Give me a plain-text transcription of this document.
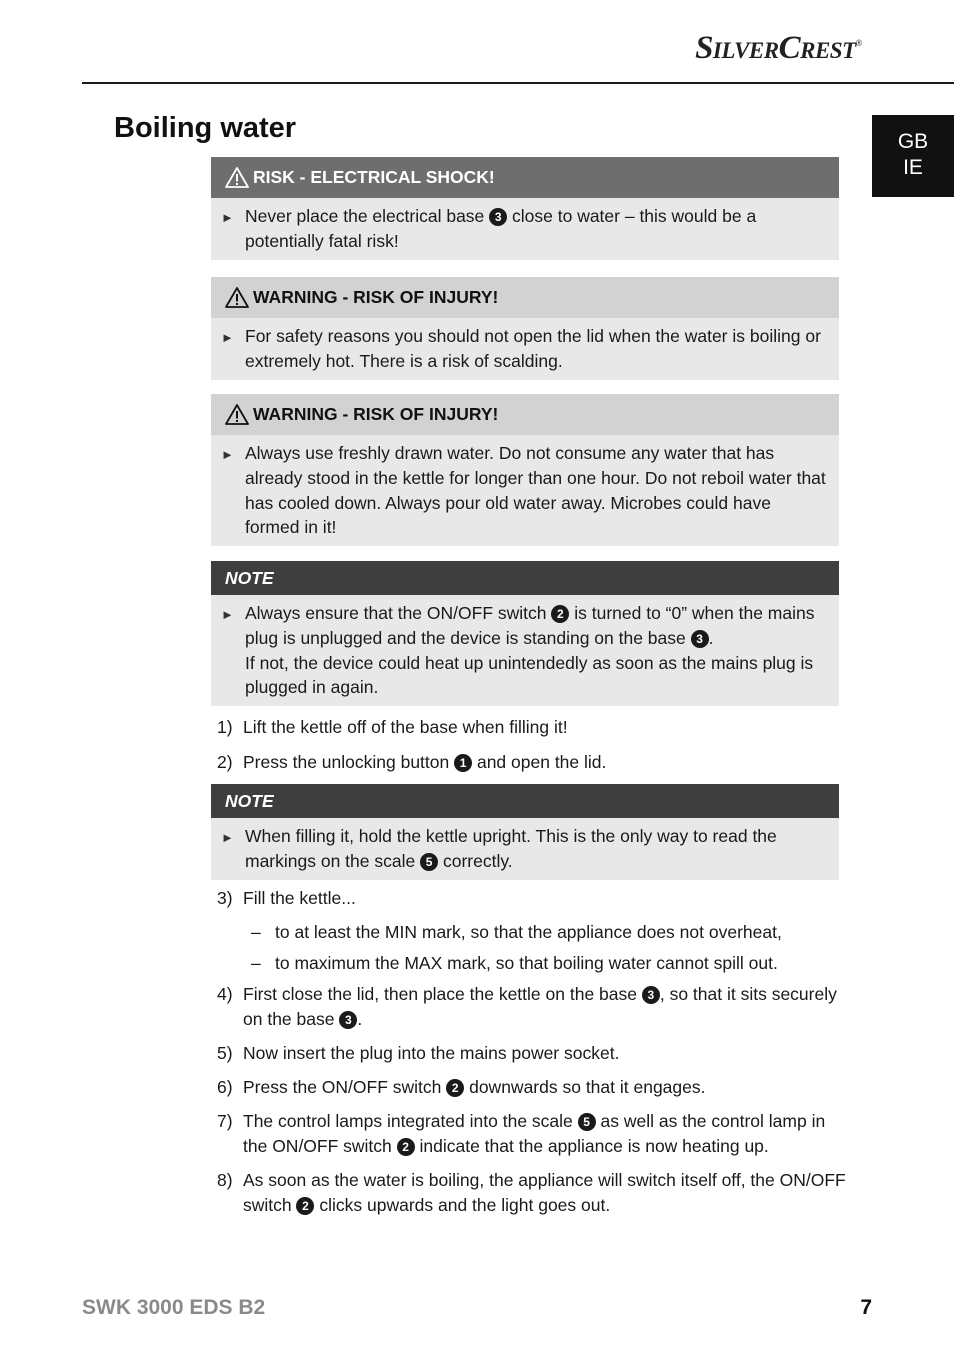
SilverCrest®
Boiling water	GB
IE
RISK - ELECTRICAL SHOCK!
► Never place the electrical base 3 close to water – this would be a potentially fatal risk!

WARNING - RISK OF INJURY!
► For safety reasons you should not open the lid when the water is boiling or extremely hot. There is a risk of scalding.

WARNING - RISK OF INJURY!
► Always use freshly drawn water. Do not consume any water that has already stood in the kettle for longer than one hour. Do not reboil water that has cooled down. Always pour old water away. Microbes could have formed in it!

NOTE
► Always ensure that the ON/OFF switch 2 is turned to “0” when the mains plug is unplugged and the device is standing on the base 3 .

If not, the device could heat up unintendedly as soon as the mains plug is plugged in again.

1) Lift the kettle off of the base when filling it!
2) Press the unlocking button 1 and open the lid.
NOTE
► When filling it, hold the kettle upright. This is the only way to read the markings on the scale 5 correctly.

3) Fill the kettle...
– to at least the MIN mark, so that the appliance does not overheat,
– to maximum the MAX mark, so that boiling water cannot spill out.
4) First close the lid, then place the kettle on the base 3 , so that it sits securely on the base 3 .
5) Now insert the plug into the mains power socket.
6) Press the ON/OFF switch 2 downwards so that it engages.
7) The control lamps integrated into the scale 5 as well as the control lamp in the ON/OFF switch 2 indicate that the appliance is now heating up.
8) As soon as the water is boiling, the appliance will switch itself off, the ON/OFF switch 2 clicks upwards and the light goes out.
SWK 3000 EDS B2	7
